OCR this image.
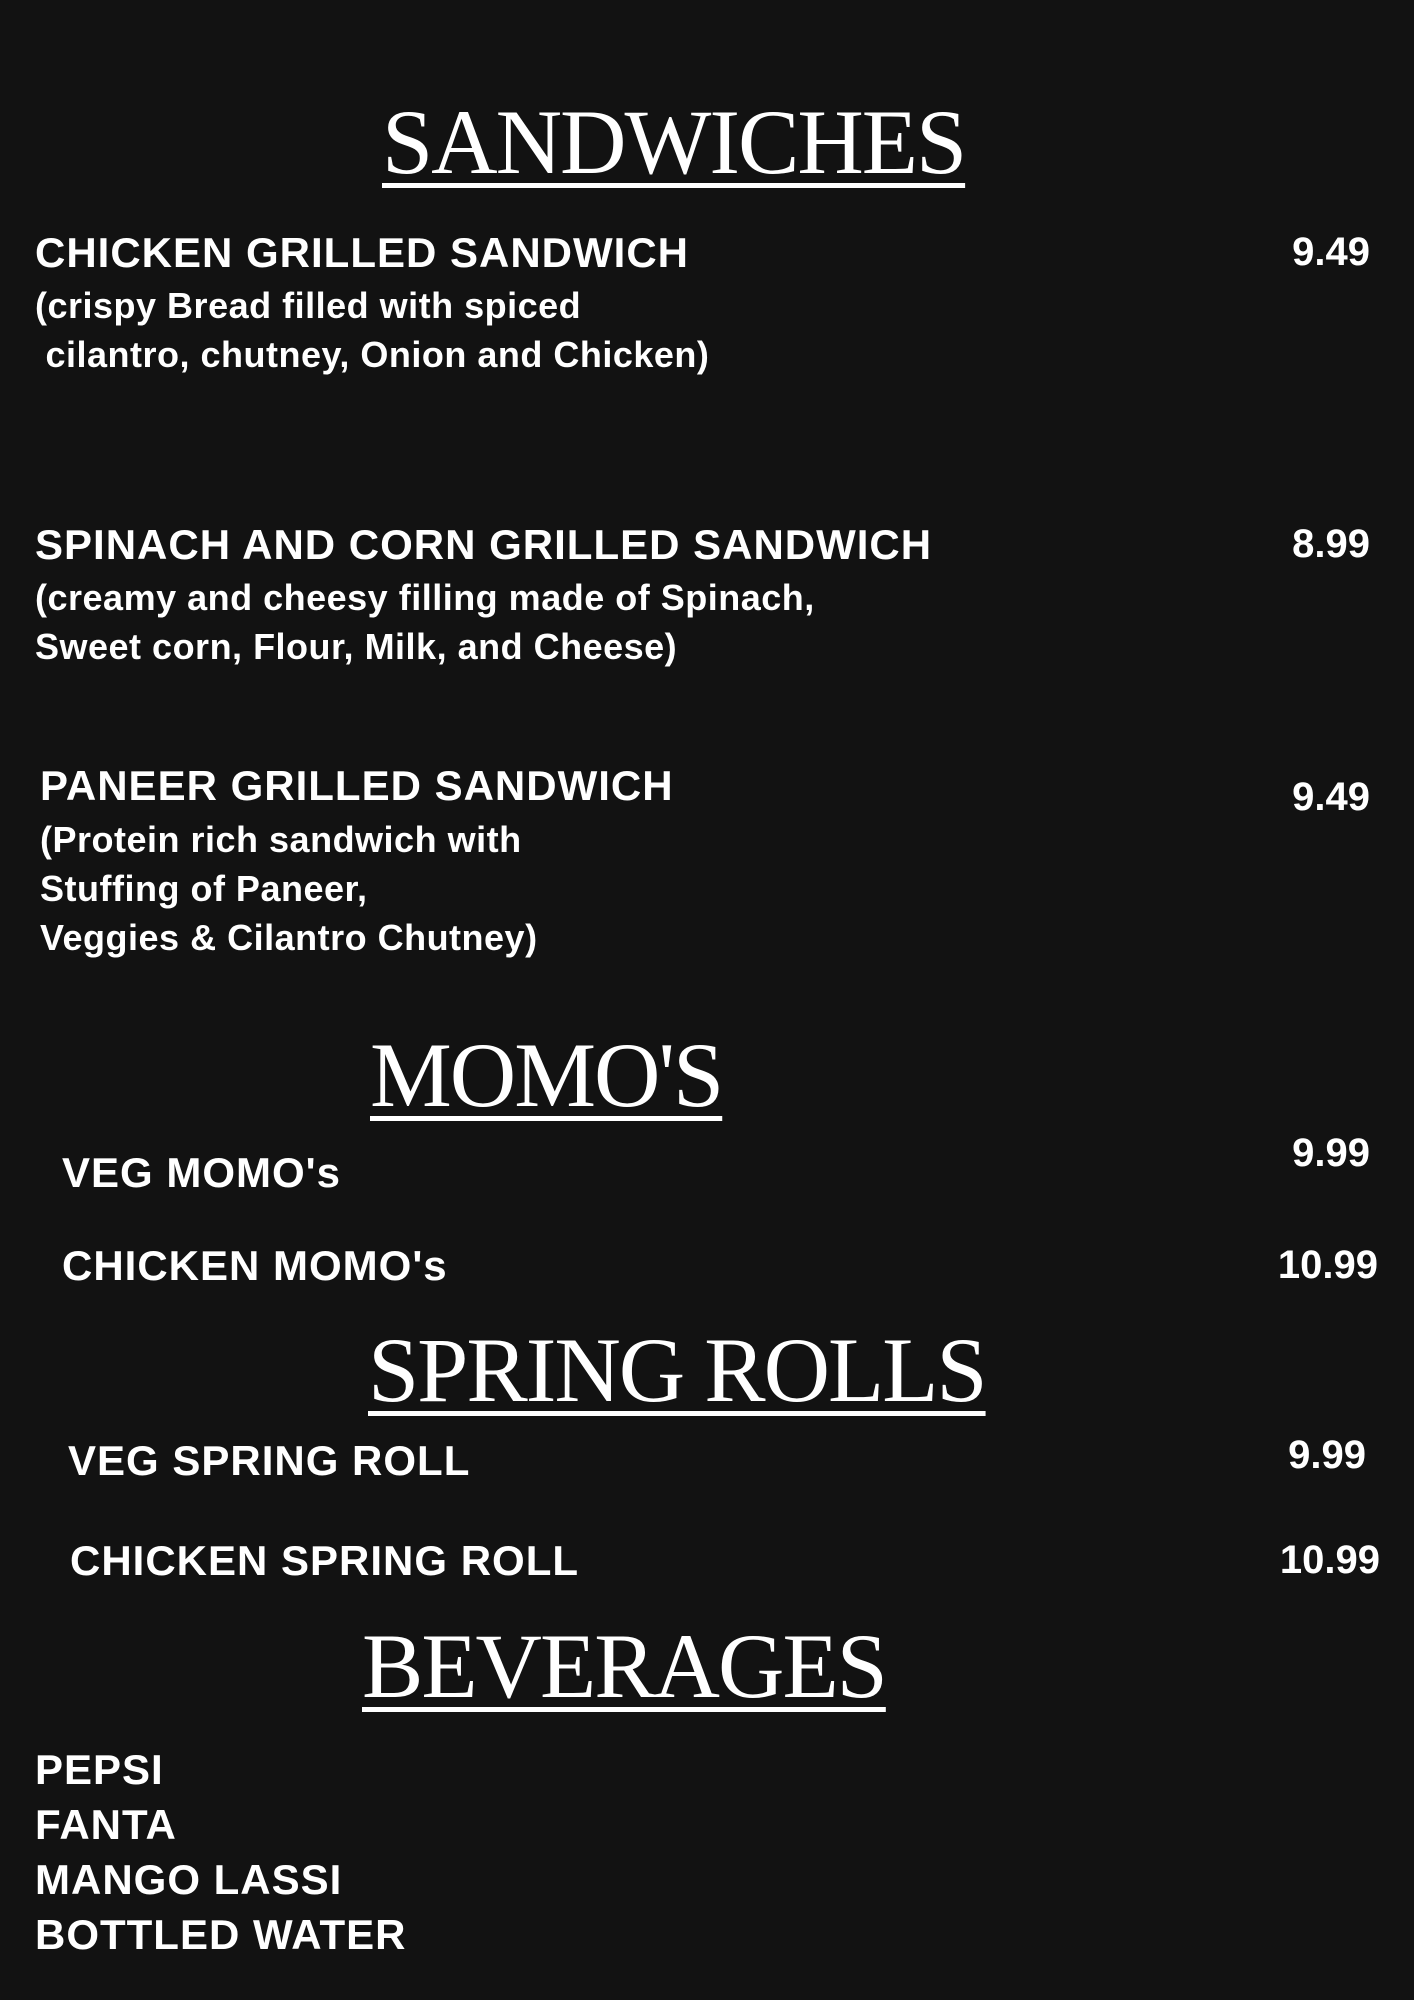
SANDWICHES
CHICKEN GRILLED SANDWICH
(crispy Bread filled with spiced
cilantro, chutney, Onion and Chicken)
9.49
SPINACH AND CORN GRILLED SANDWICH
(creamy and cheesy filling made of Spinach,
Sweet corn, Flour, Milk, and Cheese)
8.99
PANEER GRILLED SANDWICH
(Protein rich sandwich with
Stuffing of Paneer,
Veggies & Cilantro Chutney)
9.49
MOMO'S
VEG MOMO's	9.99
CHICKEN MOMO's	10.99
SPRING ROLLS
VEG SPRING ROLL	9.99
CHICKEN SPRING ROLL	10.99
BEVERAGES
PEPSI
FANTA
MANGO LASSI
BOTTLED WATER
